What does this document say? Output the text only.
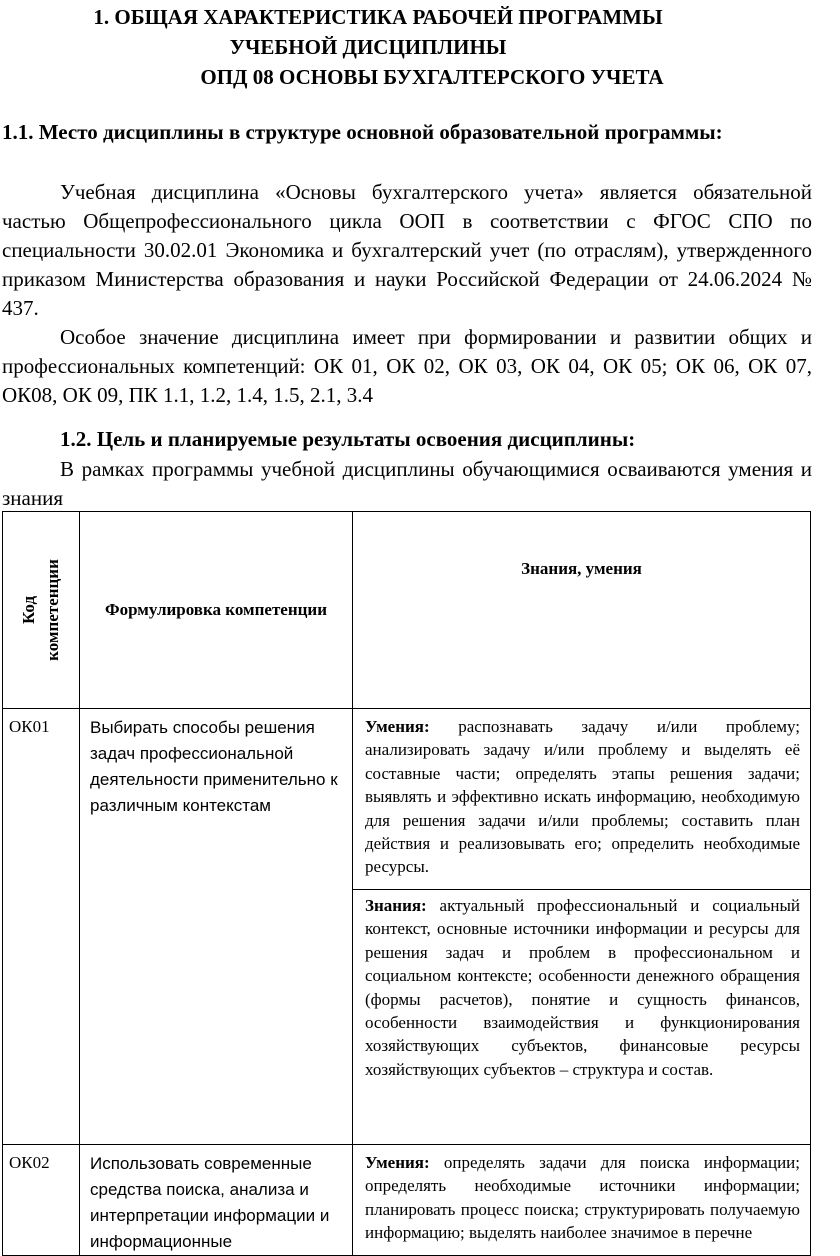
1. ОБЩАЯ ХАРАКТЕРИСТИКА РАБОЧЕЙ ПРОГРАММЫ
УЧЕБНОЙ ДИСЦИПЛИНЫ
ОПД 08 ОСНОВЫ БУХГАЛТЕРСКОГО УЧЕТА
1.1. Место дисциплины в структуре основной образовательной программы:
Учебная дисциплина «Основы бухгалтерского учета» является обязательной частью Общепрофессионального цикла ООП в соответствии с ФГОС СПО по специальности 30.02.01 Экономика и бухгалтерский учет (по отраслям), утвержденного приказом Министерства образования и науки Российской Федерации от 24.06.2024 № 437.
Особое значение дисциплина имеет при формировании и развитии общих и профессиональных компетенций: ОК 01, ОК 02, ОК 03, ОК 04, ОК 05; ОК 06, ОК 07, ОК08, ОК 09, ПК 1.1, 1.2, 1.4, 1.5, 2.1, 3.4
1.2. Цель и планируемые результаты освоения дисциплины:
В рамках программы учебной дисциплины обучающимися осваиваются умения и знания
Код компетенции	Формулировка компетенции	Знания, умения
ОК01	Выбирать способы решения задач профессиональной деятельности применительно к различным контекстам	Умения: распознавать задачу и/или проблему; анализировать задачу и/или проблему и выделять её составные части; определять этапы решения задачи; выявлять и эффективно искать информацию, необходимую для решения задачи и/или проблемы; составить план действия и реализовывать его; определить необходимые ресурсы.
		Знания: актуальный профессиональный и социальный контекст, основные источники информации и ресурсы для решения задач и проблем в профессиональном и социальном контексте; особенности денежного обращения (формы расчетов), понятие и сущность финансов, особенности взаимодействия и функционирования хозяйствующих субъектов, финансовые ресурсы хозяйствующих субъектов – структура и состав.
ОК02	Использовать современные средства поиска, анализа и интерпретации информации и информационные	Умения: определять задачи для поиска информации; определять необходимые источники информации; планировать процесс поиска; структурировать получаемую информацию; выделять наиболее значимое в перечне
